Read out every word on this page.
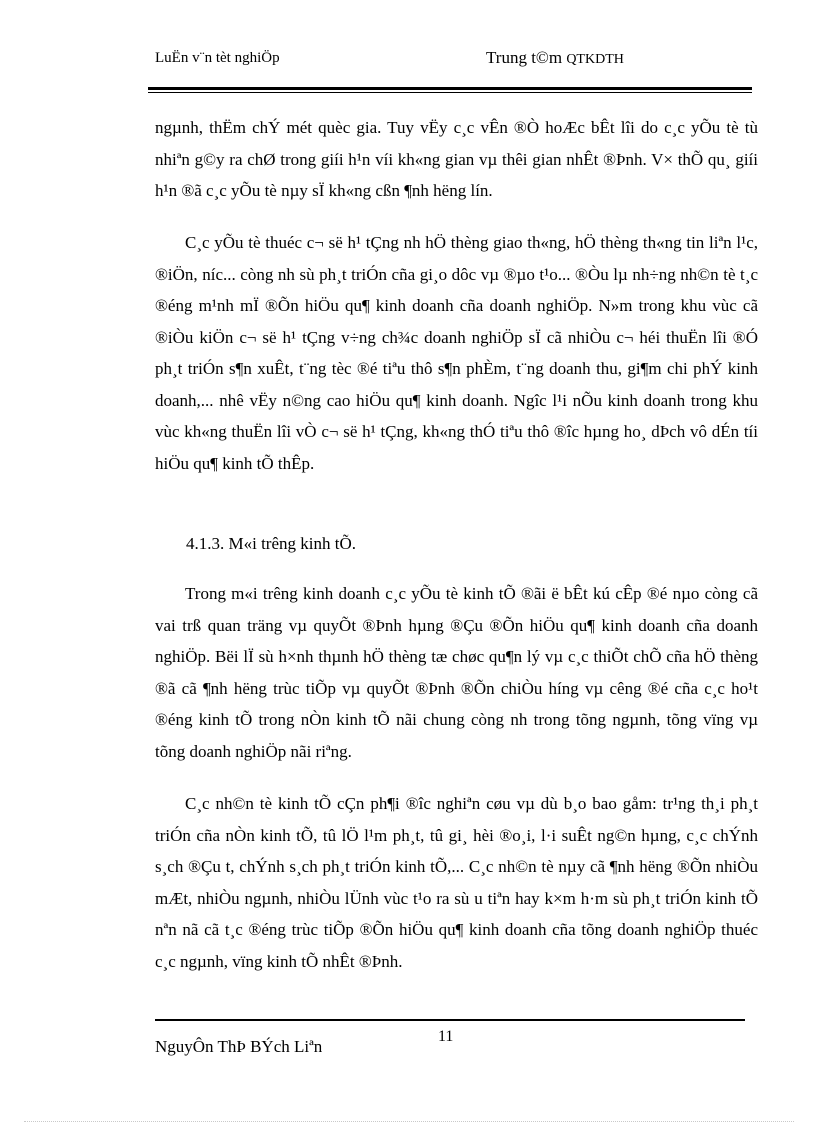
LuËn v¨n tèt nghiÖp	Trung t©m QTKDTH

ngµnh, thËm chÝ mét quèc gia. Tuy vËy c¸c vÊn ®Ò hoÆc bÊt lîi do c¸c yÕu tè tù nhiªn g©y ra chØ trong giíi h¹n víi kh«ng gian vµ thêi gian nhÊt ®Þnh. V× thÕ qu¸ giíi h¹n ®ã c¸c yÕu tè nµy sÏ kh«ng cßn ¶nh hëng lín.

C¸c yÕu tè thuéc c¬ së h¹ tÇng nh hÖ thèng giao th«ng, hÖ thèng th«ng tin liªn l¹c, ®iÖn, níc... còng nh sù ph¸t triÓn cña gi¸o dôc vµ ®µo t¹o... ®Òu lµ nh÷ng nh©n tè t¸c ®éng m¹nh mÏ ®Õn hiÖu qu¶ kinh doanh cña doanh nghiÖp. N»m trong khu vùc cã ®iÒu kiÖn c¬ së h¹ tÇng v÷ng ch¾c doanh nghiÖp sÏ cã nhiÒu c¬ héi thuËn lîi ®Ó ph¸t triÓn s¶n xuÊt, t¨ng tèc ®é tiªu thô s¶n phÈm, t¨ng doanh thu, gi¶m chi phÝ kinh doanh,... nhê vËy n©ng cao hiÖu qu¶ kinh doanh. Ngîc l¹i nÕu kinh doanh trong khu vùc kh«ng thuËn lîi vÒ c¬ së h¹ tÇng, kh«ng thÓ tiªu thô ®îc hµng ho¸ dÞch vô dÉn tíi hiÖu qu¶ kinh tÕ thÊp.

4.1.3. M«i trêng kinh tÕ.

Trong m«i trêng kinh doanh c¸c yÕu tè kinh tÕ ®ãi ë bÊt kú cÊp ®é nµo còng cã vai trß quan träng vµ quyÕt ®Þnh hµng ®Çu ®Õn hiÖu qu¶ kinh doanh cña doanh nghiÖp. Bëi lÏ sù h×nh thµnh hÖ thèng tæ chøc qu¶n lý vµ c¸c thiÕt chÕ cña hÖ thèng ®ã cã ¶nh hëng trùc tiÕp vµ quyÕt ®Þnh ®Õn chiÒu híng vµ cêng ®é cña c¸c ho¹t ®éng kinh tÕ trong nÒn kinh tÕ nãi chung còng nh trong tõng ngµnh, tõng vïng vµ tõng doanh nghiÖp nãi riªng.

C¸c nh©n tè kinh tÕ cÇn ph¶i ®îc nghiªn cøu vµ dù b¸o bao gåm: tr¹ng th¸i ph¸t triÓn cña nÒn kinh tÕ, tû lÖ l¹m ph¸t, tû gi¸ hèi ®o¸i, l·i suÊt ng©n hµng, c¸c chÝnh s¸ch ®Çu t, chÝnh s¸ch ph¸t triÓn kinh tÕ,... C¸c nh©n tè nµy cã ¶nh hëng ®Õn nhiÒu mÆt, nhiÒu ngµnh, nhiÒu lÜnh vùc t¹o ra sù u tiªn hay k×m h·m sù ph¸t triÓn kinh tÕ nªn nã cã t¸c ®éng trùc tiÕp ®Õn hiÖu qu¶ kinh doanh cña tõng doanh nghiÖp thuéc c¸c ngµnh, vïng kinh tÕ nhÊt ®Þnh.

11
NguyÔn ThÞ BÝch Liªn
